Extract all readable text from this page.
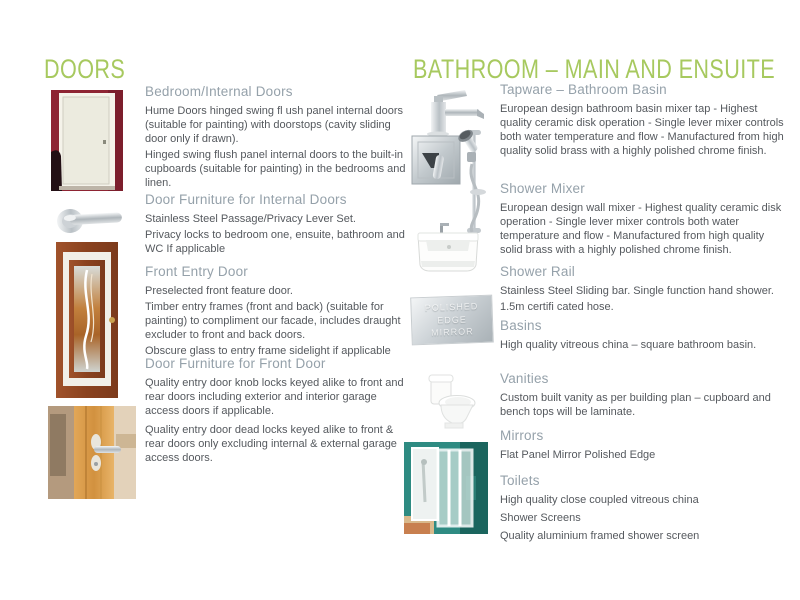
DOORS
Bedroom/Internal Doors

Hume Doors hinged swing fl ush panel internal doors (suitable for painting) with doorstops (cavity sliding door only if drawn).

Hinged swing flush panel internal doors to the built-in cupboards (suitable for painting) in the bedrooms and linen.

Door Furniture for Internal Doors

Stainless Steel Passage/Privacy Lever Set.

Privacy locks to bedroom one, ensuite, bathroom and WC If applicable

Front Entry Door

Preselected front feature door.

Timber entry frames (front and back) (suitable for painting) to compliment our facade, includes draught excluder to front and back doors.

Obscure glass to entry frame sidelight if applicable

Door Furniture for Front Door

Quality entry door knob locks keyed alike to front and rear doors including exterior and interior garage access doors if applicable.

Quality entry door dead locks keyed alike to front & rear doors only excluding internal & external garage access doors.

BATHROOM – MAIN AND ENSUITE
POLISHED EDGE MIRROR
Tapware – Bathroom Basin

European design bathroom basin mixer tap - Highest quality ceramic disk operation - Single lever mixer controls both water temperature and flow - Manufactured from high quality solid brass with a highly polished chrome finish.

Shower Mixer

European design wall mixer - Highest quality ceramic disk operation - Single lever mixer controls both water temperature and flow - Manufactured from high quality solid brass with a highly polished chrome finish.

Shower Rail

Stainless Steel Sliding bar. Single function hand shower.

1.5m certifi cated hose.

Basins

High quality vitreous china – square bathroom basin.

Vanities

Custom built vanity as per building plan – cupboard and bench tops will be laminate.

Mirrors

Flat Panel Mirror Polished Edge

Toilets

High quality close coupled vitreous china

Shower Screens

Quality aluminium framed shower screen
